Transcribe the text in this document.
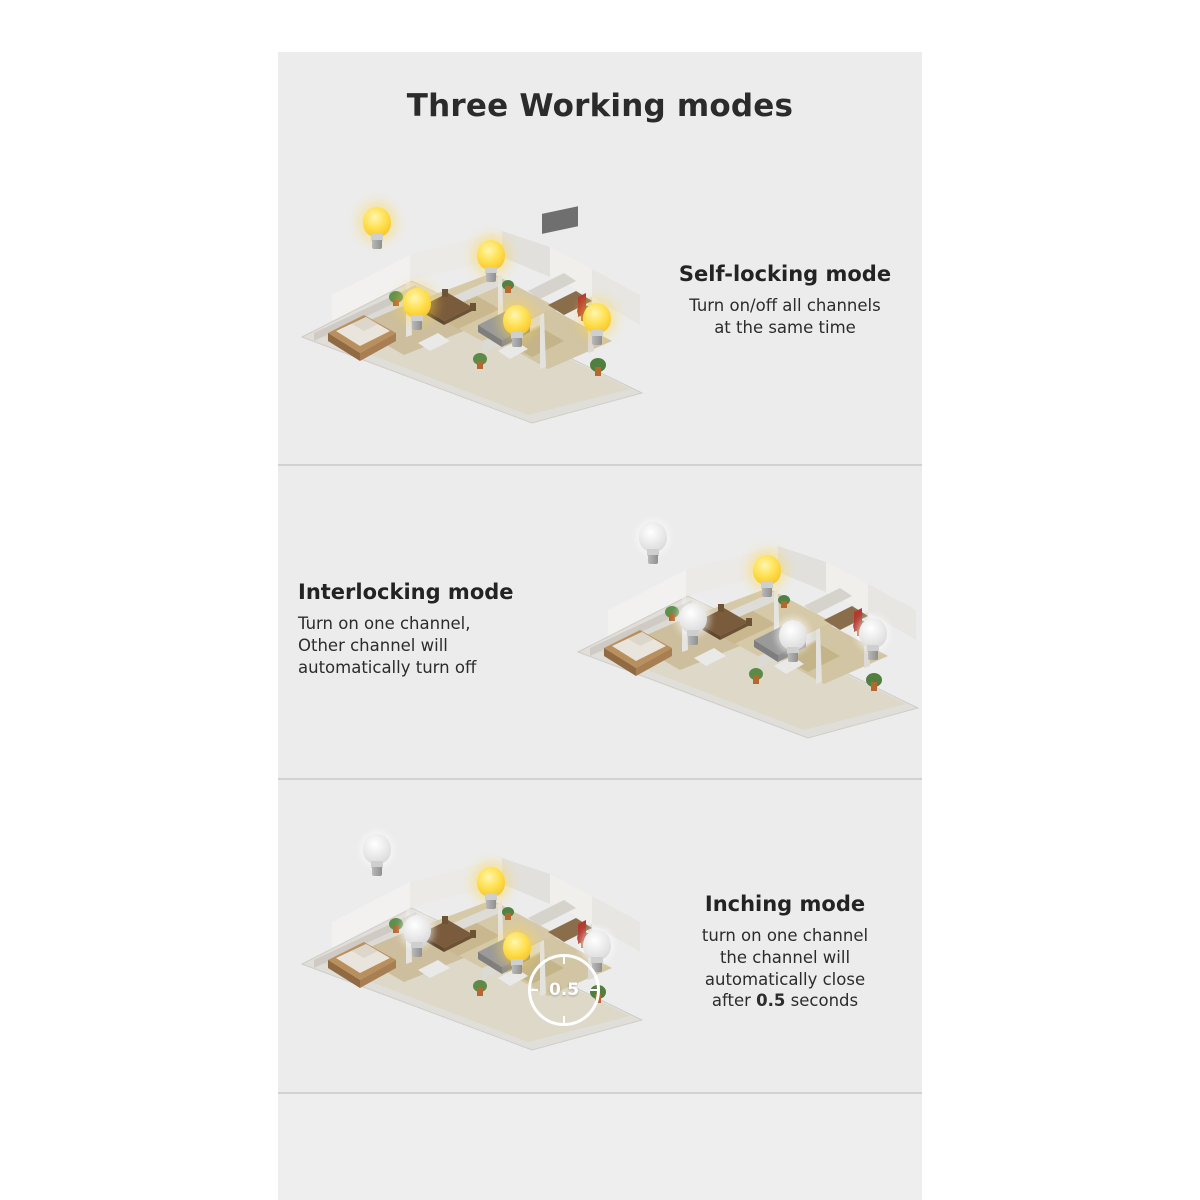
Three Working modes
Self-locking mode
Turn on/off all channels
at the same time
Interlocking mode
Turn on one channel,
Other channel will
automatically turn off
0.5
Inching mode
turn on one channel
the channel will
automatically close
after 0.5 seconds
